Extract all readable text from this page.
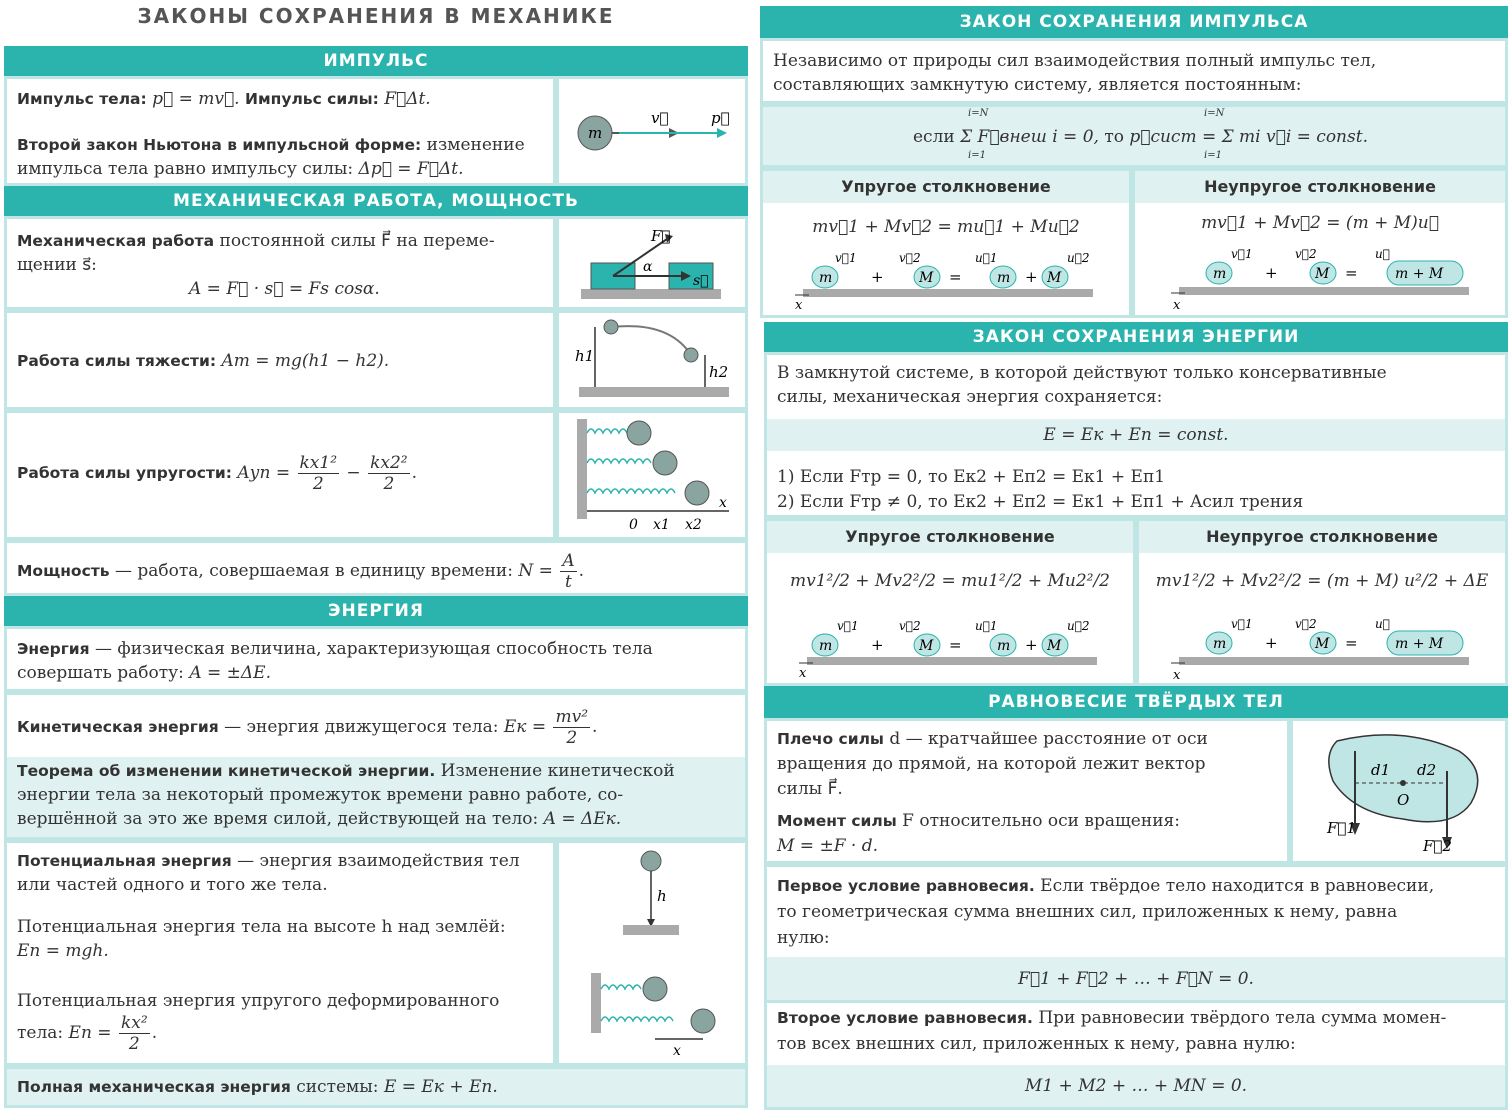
ЗАКОНЫ СОХРАНЕНИЯ В МЕХАНИКЕ
ИМПУЛЬС
Импульс тела: p⃗ = mv⃗. Импульс силы: F⃗Δt.
Второй закон Ньютона в импульсной форме: изменение
импульса тела равно импульсу силы: Δp⃗ = F⃗Δt.
m
v⃗	p⃗
МЕХАНИЧЕСКАЯ РАБОТА, МОЩНОСТЬ
Механическая работа постоянной силы F⃗ на переме-
щении s⃗:
A = F⃗ · s⃗ = Fs cosα.
F⃗
α
s⃗
Работа силы тяжести: Aт = mg(h1 − h2).	h1
h2
Работа силы упругости: Aуп = $\frac{\text{kx1²}}{2} - \frac{\text{kx2²}}{2}$ .
x
0 x1 x2
Мощность — работа, совершаемая в единицу времени: $N = \frac{A}{t}$ .
ЭНЕРГИЯ
Энергия — физическая величина, характеризующая способность тела
совершать работу: A = ±ΔE.
Кинетическая энергия — энергия движущегося тела: Eк = $\frac{\text{mv²}}{2}$ .
Теорема об изменении кинетической энергии. Изменение кинетической
энергии тела за некоторый промежуток времени равно работе, со-
вершённой за это же время силой, действующей на тело: A = ΔEк.
Потенциальная энергия — энергия взаимодействия тел
или частей одного и того же тела.
Потенциальная энергия тела на высоте h над землёй:
Eп = mgh.
Потенциальная энергия упругого деформированного
тела: Eп = $\frac{\text{kx²}}{2}$ .
h
x
Полная механическая энергия системы: E = Eк + Eп.
ЗАКОН СОХРАНЕНИЯ ИМПУЛЬСА
Независимо от природы сил взаимодействия полный импульс тел,
составляющих замкнутую систему, является постоянным:
если Σ F⃗внеш i = 0, то p⃗сист = Σ mi v⃗i = const.
i=N
i=1
i=N
i=1
Упругое столкновение
mv⃗1 + Mv⃗2 = mu⃗1 + Mu⃗2
x
m
v⃗1
+	M
v⃗2
=	m
u⃗1
+ M
u⃗2
Неупругое столкновение
mv⃗1 + Mv⃗2 = (m + M)u⃗
x
m
v⃗1
+	M
v⃗2
=	m + M
u⃗
ЗАКОН СОХРАНЕНИЯ ЭНЕРГИИ
В замкнутой системе, в которой действуют только консервативные
силы, механическая энергия сохраняется:
E = Eк + Eп = const.
1) Если Fтр = 0, то Eк2 + Eп2 = Eк1 + Eп1
2) Если Fтр ≠ 0, то Eк2 + Eп2 = Eк1 + Eп1 + Aсил трения
Упругое столкновение
mv1²/2 + Mv2²/2 = mu1²/2 + Mu2²/2
x
m
v⃗1
+	M
v⃗2
=	m
u⃗1
+ M
u⃗2
Неупругое столкновение
mv1²/2 + Mv2²/2 = (m + M) u²/2 + ΔE
x
m
v⃗1
+	M
v⃗2
=	m + M
u⃗
РАВНОВЕСИЕ ТВЁРДЫХ ТЕЛ
Плечо силы d — кратчайшее расстояние от оси
вращения до прямой, на которой лежит вектор
силы F⃗.
Момент силы F относительно оси вращения:
M = ±F · d.
d1 d2
O
F⃗1
F⃗2
Первое условие равновесия. Если твёрдое тело находится в равновесии,
то геометрическая сумма внешних сил, приложенных к нему, равна
нулю:
F⃗1 + F⃗2 + … + F⃗N = 0.
Второе условие равновесия. При равновесии твёрдого тела сумма момен-
тов всех внешних сил, приложенных к нему, равна нулю:
M1 + M2 + … + MN = 0.
